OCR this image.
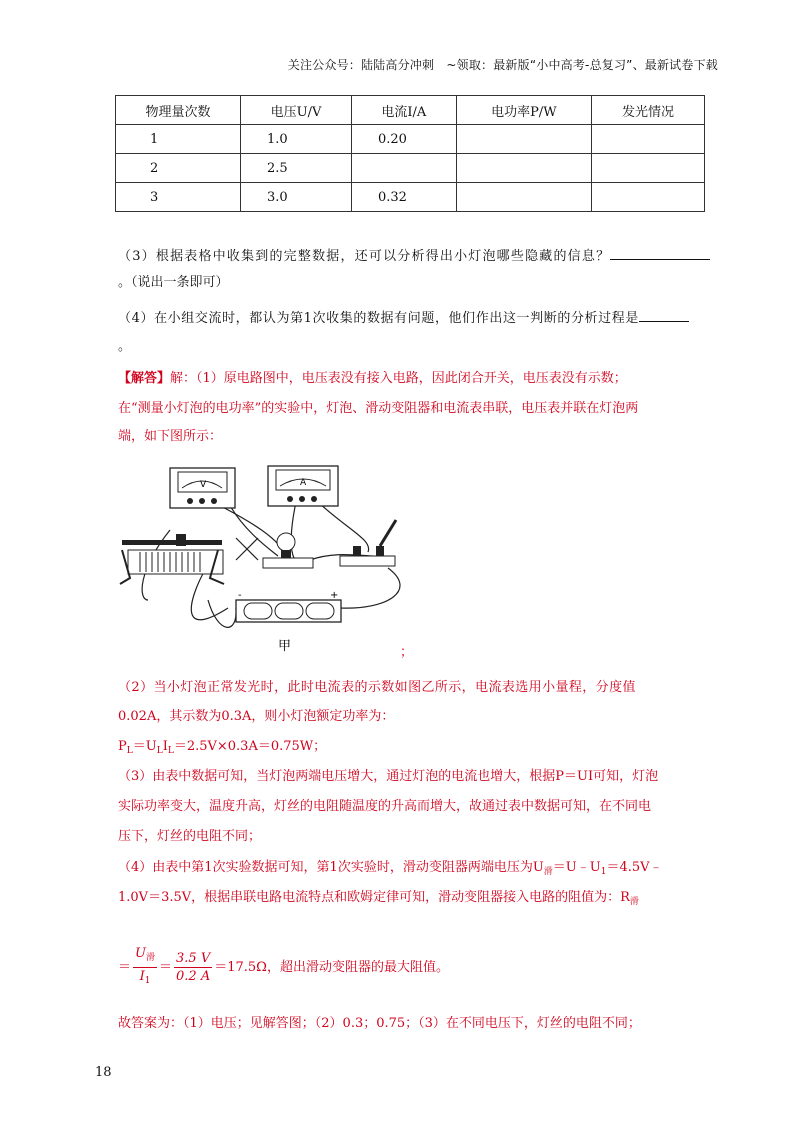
关注公众号：陆陆高分冲刺　~领取：最新版“小中高考-总复习”、最新试卷下载
物理量次数	电压U/V	电流I/A	电功率P/W	发光情况
1	1.0	0.20		
2	2.5			
3	3.0	0.32		
（3）根据表格中收集到的完整数据，还可以分析得出小灯泡哪些隐藏的信息？
。（说出一条即可）
（4）在小组交流时，都认为第1次收集的数据有问题，他们作出这一判断的分析过程是
。
【解答】解：（1）原电路图中，电压表没有接入电路，因此闭合开关，电压表没有示数；
在“测量小灯泡的电功率”的实验中，灯泡、滑动变阻器和电流表串联，电压表并联在灯泡两
端，如下图所示：
V	A
-	+
甲	；
（2）当小灯泡正常发光时，此时电流表的示数如图乙所示，电流表选用小量程，分度值
0.02A，其示数为0.3A，则小灯泡额定功率为：
$P_L=U_LI_L=2.5V\times 0.3A=0.75W$；
（3）由表中数据可知，当灯泡两端电压增大，通过灯泡的电流也增大，根据P＝UI可知，灯泡
实际功率变大，温度升高，灯丝的电阻随温度的升高而增大，故通过表中数据可知，在不同电
压下，灯丝的电阻不同；
（4）由表中第1次实验数据可知，第1次实验时，滑动变阻器两端电压为$U_滑=U﹣U_1=4.5V﹣$
1.0V＝3.5V，根据串联电路电流特点和欧姆定律可知，滑动变阻器接入电路的阻值为：$R_滑$
＝ $\frac{U_滑}{I_1} = \frac{3.5 V}{0.2 A} =17.5\Omega$，超出滑动变阻器的最大阻值。
故答案为：（1）电压；见解答图；（2）0.3；0.75；（3）在不同电压下，灯丝的电阻不同；
18
